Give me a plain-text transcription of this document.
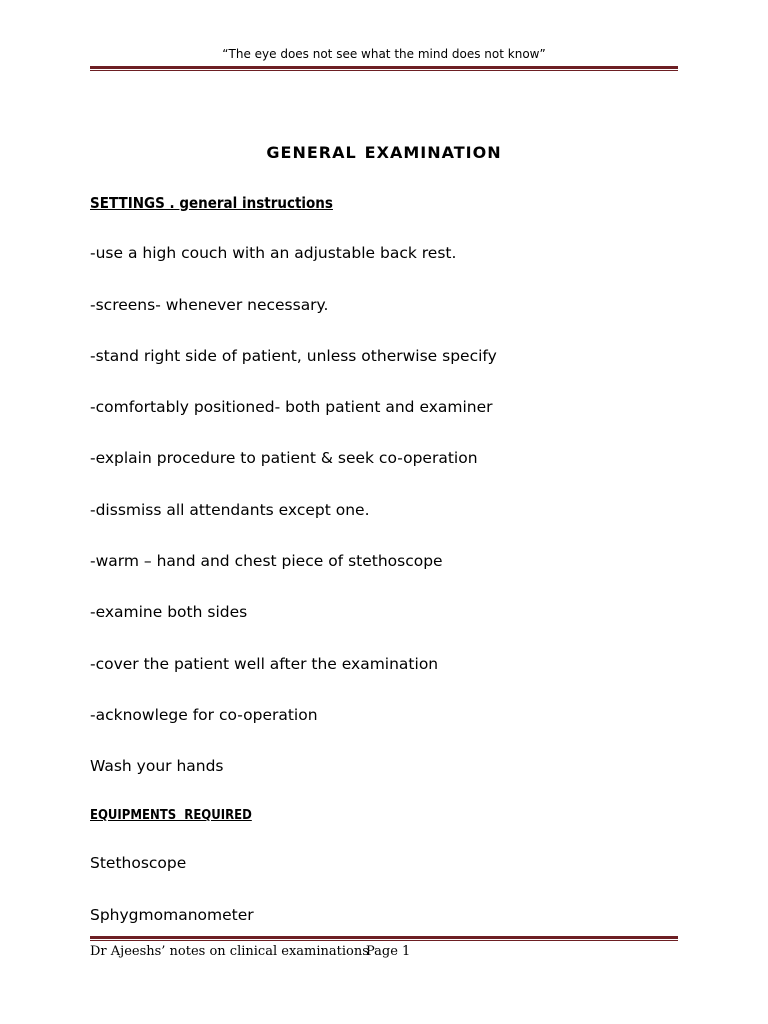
“The eye does not see what the mind does not know”
GENERAL EXAMINATION
SETTINGS . general instructions
-use a high couch with an adjustable back rest.
-screens- whenever necessary.
-stand right side of patient, unless otherwise specify
-comfortably positioned- both patient and examiner
-explain procedure to patient & seek co-operation
-dissmiss all attendants except one.
-warm – hand and chest piece of stethoscope
-examine both sides
-cover the patient well after the examination
-acknowlege for co-operation
Wash your hands
EQUIPMENTS  REQUIRED
Stethoscope
Sphygmomanometer
Dr Ajeeshs’ notes on clinical examinations
Page 1
